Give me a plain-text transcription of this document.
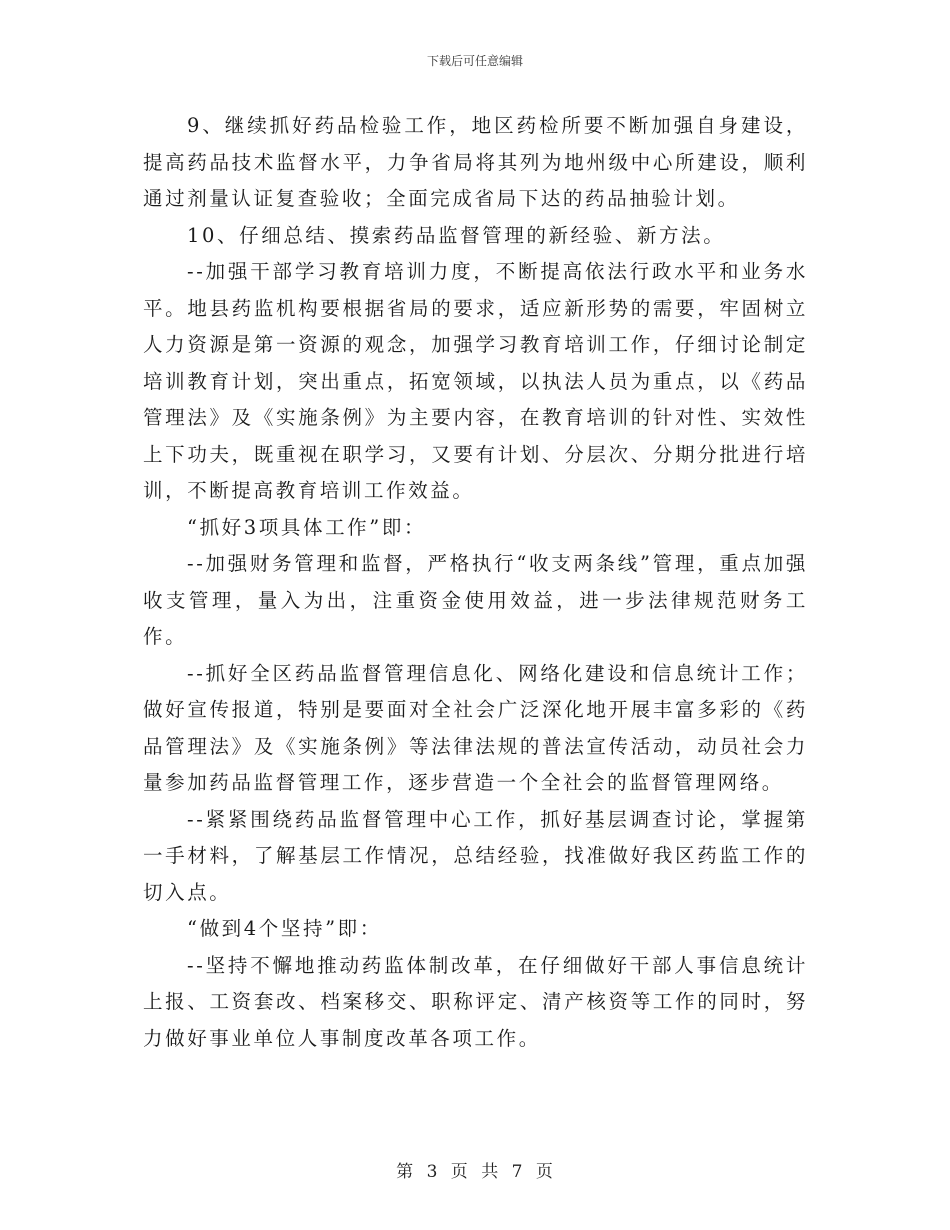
下载后可任意编辑

9、继续抓好药品检验工作，地区药检所要不断加强自身建设，提高药品技术监督水平，力争省局将其列为地州级中心所建设，顺利通过剂量认证复查验收；全面完成省局下达的药品抽验计划。

10、仔细总结、摸索药品监督管理的新经验、新方法。

--加强干部学习教育培训力度，不断提高依法行政水平和业务水平。地县药监机构要根据省局的要求，适应新形势的需要，牢固树立人力资源是第一资源的观念，加强学习教育培训工作，仔细讨论制定培训教育计划，突出重点，拓宽领域，以执法人员为重点，以《药品管理法》及《实施条例》为主要内容，在教育培训的针对性、实效性上下功夫，既重视在职学习，又要有计划、分层次、分期分批进行培训，不断提高教育培训工作效益。

“抓好3项具体工作”即：

--加强财务管理和监督，严格执行“收支两条线”管理，重点加强收支管理，量入为出，注重资金使用效益，进一步法律规范财务工作。

--抓好全区药品监督管理信息化、网络化建设和信息统计工作；做好宣传报道，特别是要面对全社会广泛深化地开展丰富多彩的《药品管理法》及《实施条例》等法律法规的普法宣传活动，动员社会力量参加药品监督管理工作，逐步营造一个全社会的监督管理网络。

--紧紧围绕药品监督管理中心工作，抓好基层调查讨论，掌握第一手材料，了解基层工作情况，总结经验，找准做好我区药监工作的切入点。

“做到4个坚持”即：

--坚持不懈地推动药监体制改革，在仔细做好干部人事信息统计上报、工资套改、档案移交、职称评定、清产核资等工作的同时，努力做好事业单位人事制度改革各项工作。

第 3 页 共 7 页
